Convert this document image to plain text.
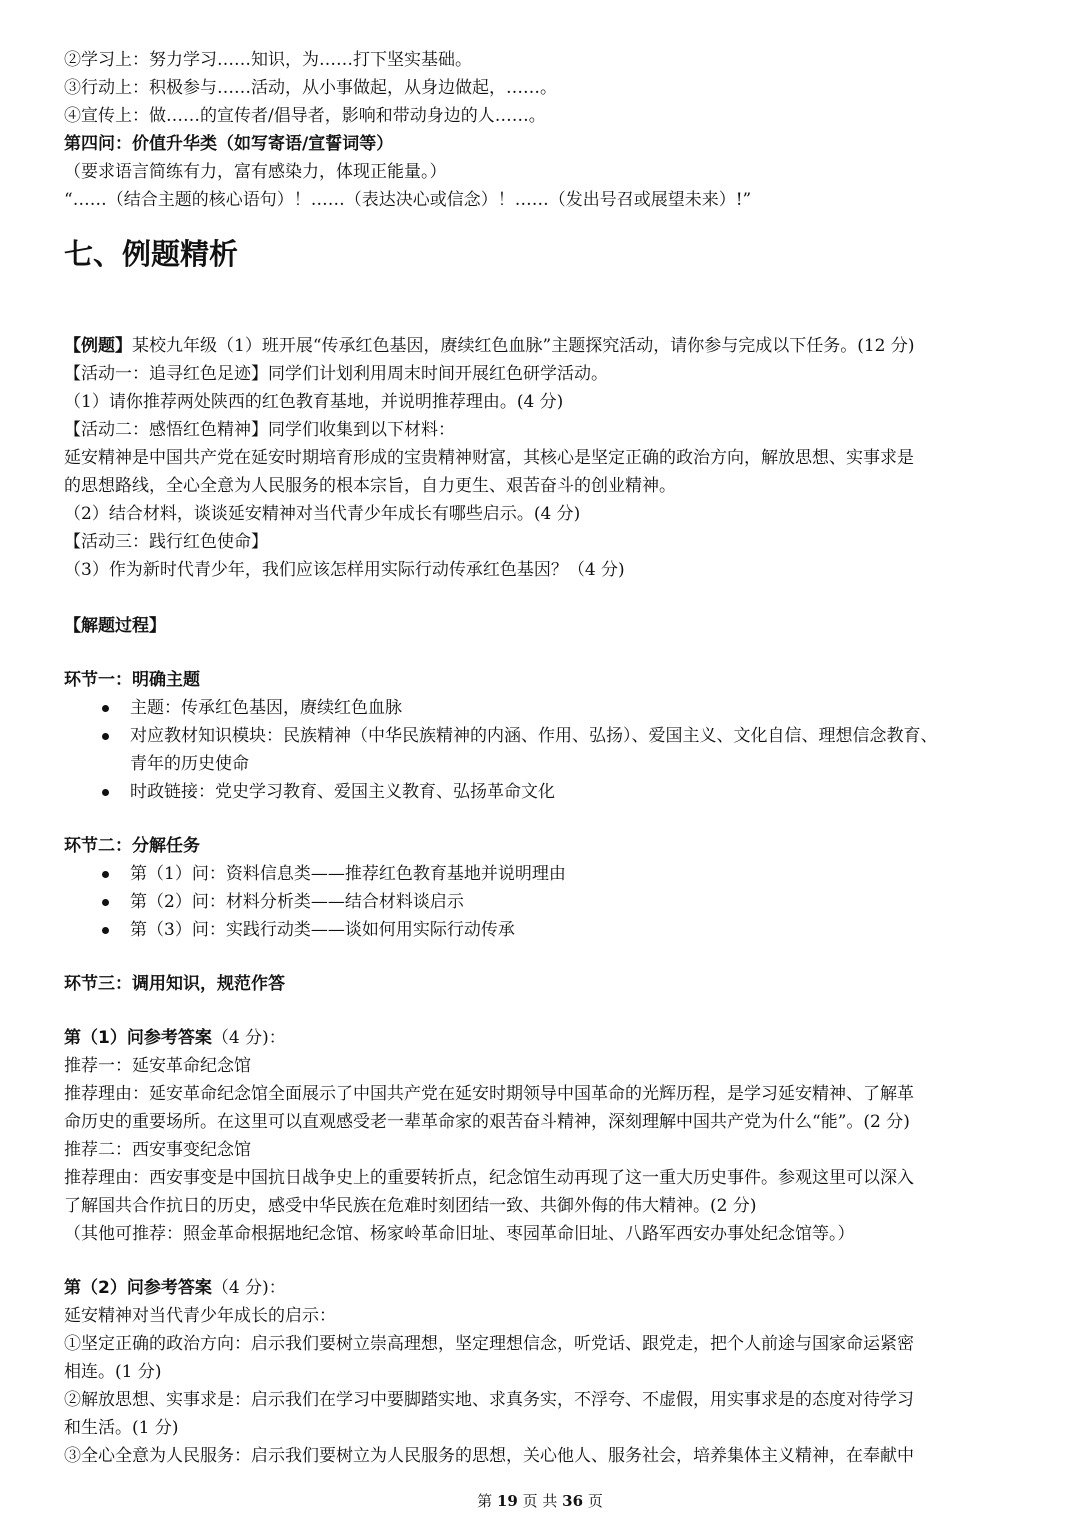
②学习上：努力学习……知识，为……打下坚实基础。
③行动上：积极参与……活动，从小事做起，从身边做起，……。
④宣传上：做……的宣传者/倡导者，影响和带动身边的人……。
第四问：价值升华类（如写寄语/宣誓词等）
（要求语言简练有力，富有感染力，体现正能量。）
“……（结合主题的核心语句）！……（表达决心或信念）！……（发出号召或展望未来）!”
七、例题精析
【例题】某校九年级（1）班开展“传承红色基因，赓续红色血脉”主题探究活动，请你参与完成以下任务。(12 分)
【活动一：追寻红色足迹】同学们计划利用周末时间开展红色研学活动。
（1）请你推荐两处陕西的红色教育基地，并说明推荐理由。(4 分)
【活动二：感悟红色精神】同学们收集到以下材料：
延安精神是中国共产党在延安时期培育形成的宝贵精神财富，其核心是坚定正确的政治方向，解放思想、实事求是
的思想路线，全心全意为人民服务的根本宗旨，自力更生、艰苦奋斗的创业精神。
（2）结合材料，谈谈延安精神对当代青少年成长有哪些启示。(4 分)
【活动三：践行红色使命】
（3）作为新时代青少年，我们应该怎样用实际行动传承红色基因？（4 分)
【解题过程】
环节一：明确主题
主题：传承红色基因，赓续红色血脉
对应教材知识模块：民族精神（中华民族精神的内涵、作用、弘扬）、爱国主义、文化自信、理想信念教育、
青年的历史使命
时政链接：党史学习教育、爱国主义教育、弘扬革命文化
环节二：分解任务
第（1）问：资料信息类——推荐红色教育基地并说明理由
第（2）问：材料分析类——结合材料谈启示
第（3）问：实践行动类——谈如何用实际行动传承
环节三：调用知识，规范作答
第（1）问参考答案（4 分)：
推荐一：延安革命纪念馆
推荐理由：延安革命纪念馆全面展示了中国共产党在延安时期领导中国革命的光辉历程，是学习延安精神、了解革
命历史的重要场所。在这里可以直观感受老一辈革命家的艰苦奋斗精神，深刻理解中国共产党为什么“能”。(2 分)
推荐二：西安事变纪念馆
推荐理由：西安事变是中国抗日战争史上的重要转折点，纪念馆生动再现了这一重大历史事件。参观这里可以深入
了解国共合作抗日的历史，感受中华民族在危难时刻团结一致、共御外侮的伟大精神。(2 分)
（其他可推荐：照金革命根据地纪念馆、杨家岭革命旧址、枣园革命旧址、八路军西安办事处纪念馆等。）
第（2）问参考答案（4 分)：
延安精神对当代青少年成长的启示：
①坚定正确的政治方向：启示我们要树立崇高理想，坚定理想信念，听党话、跟党走，把个人前途与国家命运紧密
相连。(1 分)
②解放思想、实事求是：启示我们在学习中要脚踏实地、求真务实，不浮夸、不虚假，用实事求是的态度对待学习
和生活。(1 分)
③全心全意为人民服务：启示我们要树立为人民服务的思想，关心他人、服务社会，培养集体主义精神，在奉献中
第 19 页 共 36 页
